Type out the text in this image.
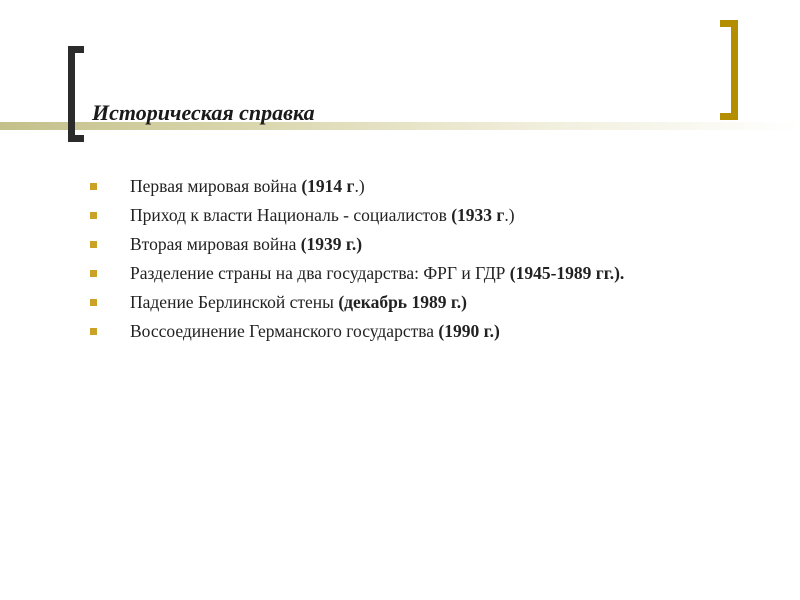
Историческая справка
Первая мировая война (1914 г.)
Приход к власти Националь - социалистов (1933 г.)
Вторая мировая война (1939 г.)
Разделение страны на два государства: ФРГ и ГДР (1945-1989 гг.).
Падение Берлинской стены (декабрь 1989 г.)
Воссоединение Германского государства (1990 г.)
